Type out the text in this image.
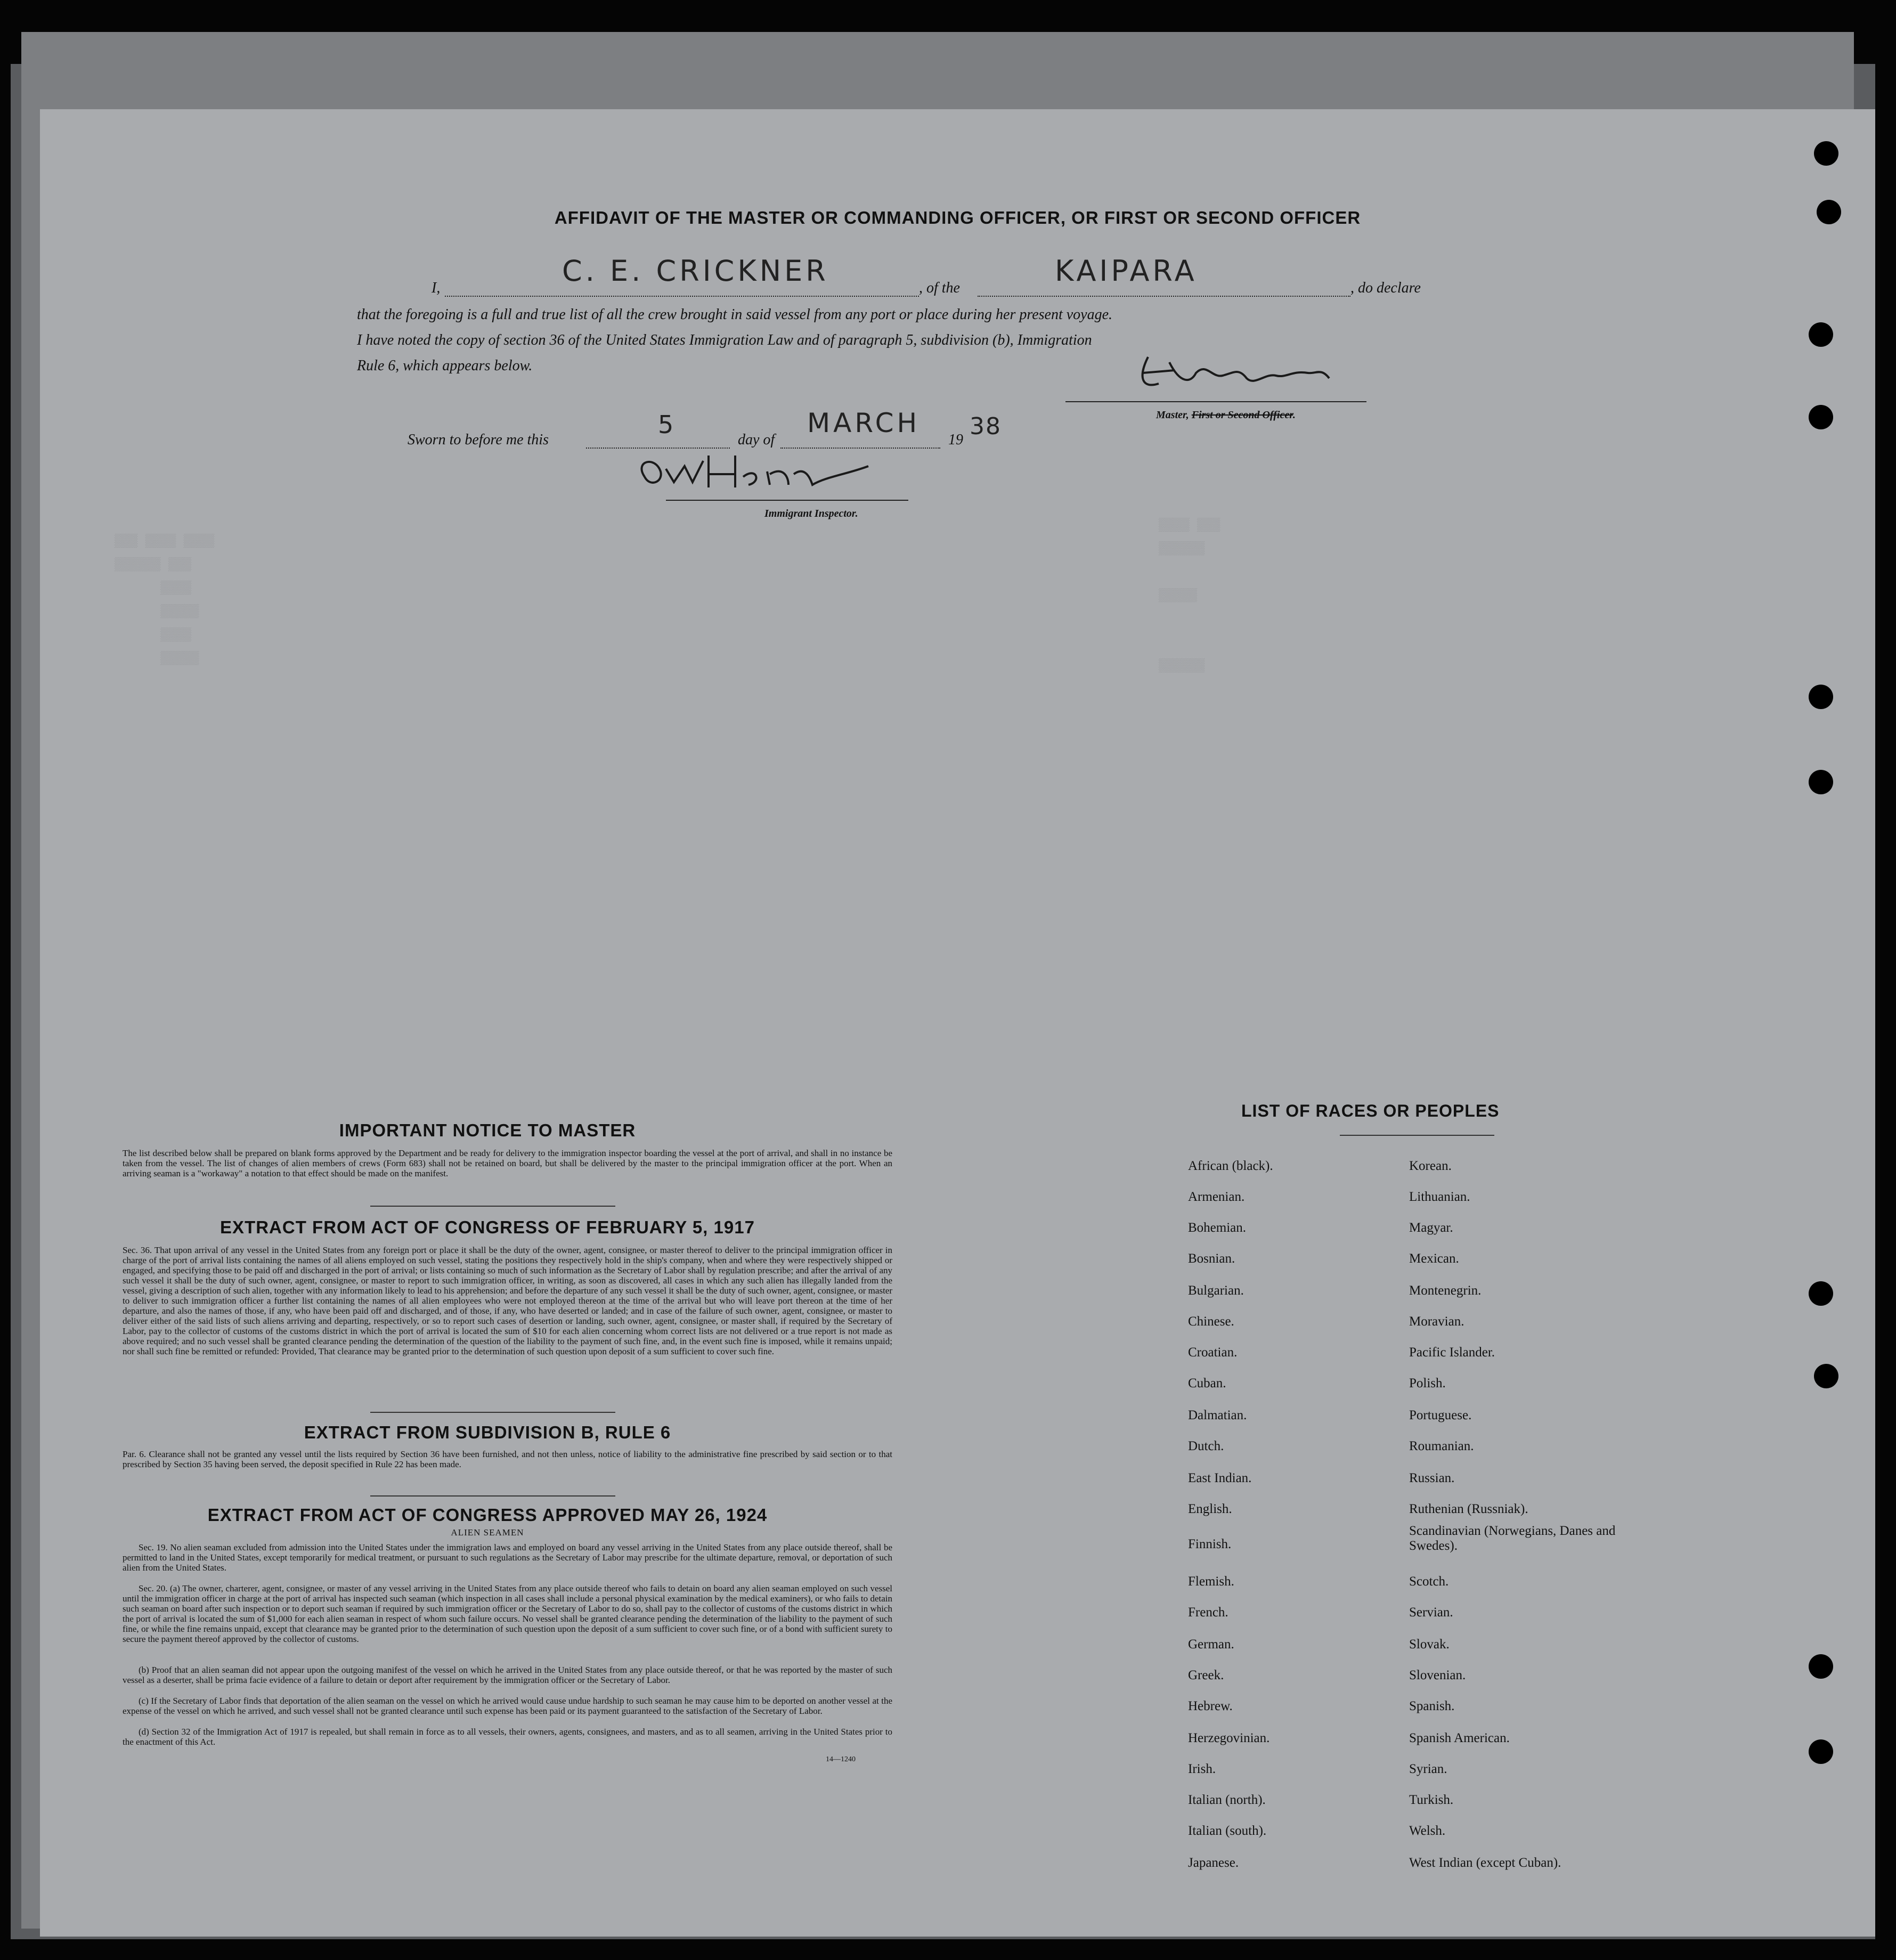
▒▒▒ ▒▒▒▒ ▒▒▒▒
▒▒▒▒▒▒ ▒▒▒
▒▒▒▒
▒▒▒▒▒
▒▒▒▒
▒▒▒▒▒
▒▒▒▒ ▒▒▒
▒▒▒▒▒▒

▒▒▒▒▒

▒▒▒▒▒▒
AFFIDAVIT OF THE MASTER OR COMMANDING OFFICER, OR FIRST OR SECOND OFFICER
I,
C. E. CRICKNER
, of the
KAIPARA
, do declare
that the foregoing is a full and true list of all the crew brought in said vessel from any port or place during her present voyage.
I have noted the copy of section 36 of the United States Immigration Law and of paragraph 5, subdivision (b), Immigration
Rule 6, which appears below.
Master, First or Second Officer.
Sworn to before me this
5
day of
MARCH
19 38
Immigrant Inspector.
IMPORTANT NOTICE TO MASTER
The list described below shall be prepared on blank forms approved by the Department and be ready for delivery to the immigration inspector boarding the vessel at the port of arrival, and shall in no instance be taken from the vessel. The list of changes of alien members of crews (Form 683) shall not be retained on board, but shall be delivered by the master to the principal immigration officer at the port. When an arriving seaman is a "workaway" a notation to that effect should be made on the manifest.
EXTRACT FROM ACT OF CONGRESS OF FEBRUARY 5, 1917
Sec. 36. That upon arrival of any vessel in the United States from any foreign port or place it shall be the duty of the owner, agent, consignee, or master thereof to deliver to the principal immigration officer in charge of the port of arrival lists containing the names of all aliens employed on such vessel, stating the positions they respectively hold in the ship's company, when and where they were respectively shipped or engaged, and specifying those to be paid off and discharged in the port of arrival; or lists containing so much of such information as the Secretary of Labor shall by regulation prescribe; and after the arrival of any such vessel it shall be the duty of such owner, agent, consignee, or master to report to such immigration officer, in writing, as soon as discovered, all cases in which any such alien has illegally landed from the vessel, giving a description of such alien, together with any information likely to lead to his apprehension; and before the departure of any such vessel it shall be the duty of such owner, agent, consignee, or master to deliver to such immigration officer a further list containing the names of all alien employees who were not employed thereon at the time of the arrival but who will leave port thereon at the time of her departure, and also the names of those, if any, who have been paid off and discharged, and of those, if any, who have deserted or landed; and in case of the failure of such owner, agent, consignee, or master to deliver either of the said lists of such aliens arriving and departing, respectively, or so to report such cases of desertion or landing, such owner, agent, consignee, or master shall, if required by the Secretary of Labor, pay to the collector of customs of the customs district in which the port of arrival is located the sum of $10 for each alien concerning whom correct lists are not delivered or a true report is not made as above required; and no such vessel shall be granted clearance pending the determination of the question of the liability to the payment of such fine, and, in the event such fine is imposed, while it remains unpaid; nor shall such fine be remitted or refunded: Provided, That clearance may be granted prior to the determination of such question upon deposit of a sum sufficient to cover such fine.
EXTRACT FROM SUBDIVISION B, RULE 6
Par. 6. Clearance shall not be granted any vessel until the lists required by Section 36 have been furnished, and not then unless, notice of liability to the administrative fine prescribed by said section or to that prescribed by Section 35 having been served, the deposit specified in Rule 22 has been made.
EXTRACT FROM ACT OF CONGRESS APPROVED MAY 26, 1924
ALIEN SEAMEN
Sec. 19. No alien seaman excluded from admission into the United States under the immigration laws and employed on board any vessel arriving in the United States from any place outside thereof, shall be permitted to land in the United States, except temporarily for medical treatment, or pursuant to such regulations as the Secretary of Labor may prescribe for the ultimate departure, removal, or deportation of such alien from the United States.
Sec. 20. (a) The owner, charterer, agent, consignee, or master of any vessel arriving in the United States from any place outside thereof who fails to detain on board any alien seaman employed on such vessel until the immigration officer in charge at the port of arrival has inspected such seaman (which inspection in all cases shall include a personal physical examination by the medical examiners), or who fails to detain such seaman on board after such inspection or to deport such seaman if required by such immigration officer or the Secretary of Labor to do so, shall pay to the collector of customs of the customs district in which the port of arrival is located the sum of $1,000 for each alien seaman in respect of whom such failure occurs. No vessel shall be granted clearance pending the determination of the liability to the payment of such fine, or while the fine remains unpaid, except that clearance may be granted prior to the determination of such question upon the deposit of a sum sufficient to cover such fine, or of a bond with sufficient surety to secure the payment thereof approved by the collector of customs.
(b) Proof that an alien seaman did not appear upon the outgoing manifest of the vessel on which he arrived in the United States from any place outside thereof, or that he was reported by the master of such vessel as a deserter, shall be prima facie evidence of a failure to detain or deport after requirement by the immigration officer or the Secretary of Labor.
(c) If the Secretary of Labor finds that deportation of the alien seaman on the vessel on which he arrived would cause undue hardship to such seaman he may cause him to be deported on another vessel at the expense of the vessel on which he arrived, and such vessel shall not be granted clearance until such expense has been paid or its payment guaranteed to the satisfaction of the Secretary of Labor.
(d) Section 32 of the Immigration Act of 1917 is repealed, but shall remain in force as to all vessels, their owners, agents, consignees, and masters, and as to all seamen, arriving in the United States prior to the enactment of this Act.
14—1240
LIST OF RACES OR PEOPLES
African (black).
Armenian.
Bohemian.
Bosnian.
Bulgarian.
Chinese.
Croatian.
Cuban.
Dalmatian.
Dutch.
East Indian.
English.
Finnish.
Flemish.
French.
German.
Greek.
Hebrew.
Herzegovinian.
Irish.
Italian (north).
Italian (south).
Japanese.
Korean.
Lithuanian.
Magyar.
Mexican.
Montenegrin.
Moravian.
Pacific Islander.
Polish.
Portuguese.
Roumanian.
Russian.
Ruthenian (Russniak).
Scandinavian (Norwegians, Danes and Swedes).
Scotch.
Servian.
Slovak.
Slovenian.
Spanish.
Spanish American.
Syrian.
Turkish.
Welsh.
West Indian (except Cuban).
